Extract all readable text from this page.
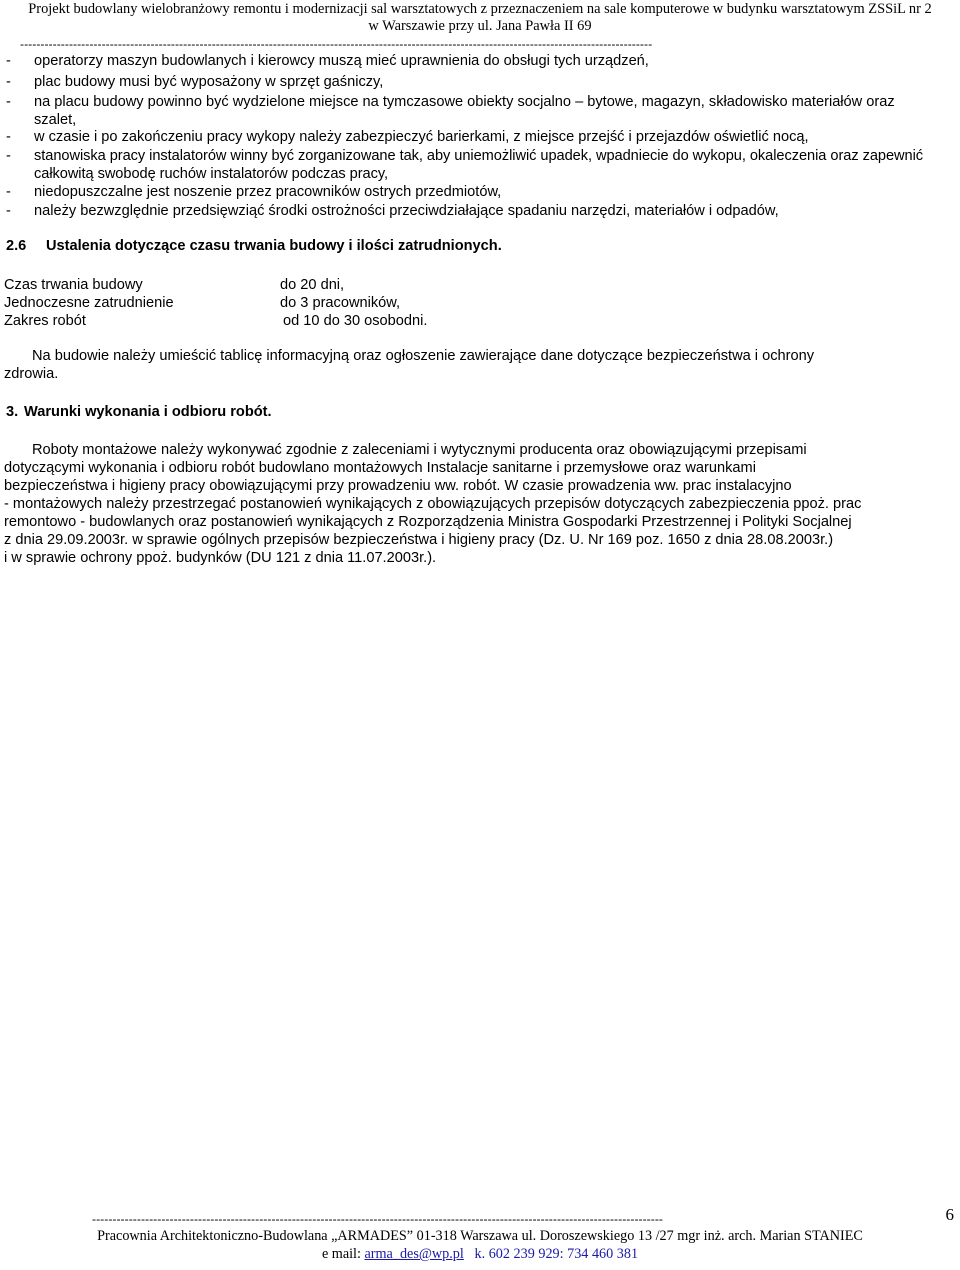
Projekt budowlany wielobranżowy remontu i modernizacji sal warsztatowych z przeznaczeniem na sale komputerowe w budynku warsztatowym ZSSiL nr 2
w Warszawie przy ul. Jana Pawła II 69
-----------------------------------------------------------------------------------------------------------------------------------------------------------
- operatorzy maszyn budowlanych i kierowcy muszą mieć uprawnienia do obsługi tych urządzeń,
- plac budowy musi być wyposażony w sprzęt gaśniczy,
- na placu budowy powinno być wydzielone miejsce na tymczasowe obiekty socjalno – bytowe, magazyn, składowisko materiałów oraz szalet,
- w czasie i po zakończeniu pracy wykopy należy zabezpieczyć barierkami, z miejsce przejść i przejazdów oświetlić nocą,
- stanowiska pracy instalatorów winny być zorganizowane tak, aby uniemożliwić upadek, wpadniecie do wykopu, okaleczenia oraz zapewnić całkowitą swobodę ruchów instalatorów podczas pracy,
- niedopuszczalne jest noszenie przez pracowników ostrych przedmiotów,
- należy bezwzględnie przedsięwziąć środki ostrożności przeciwdziałające spadaniu narzędzi, materiałów i odpadów,
2.6 Ustalenia dotyczące czasu trwania budowy i ilości zatrudnionych.
Czas trwania budowy	do 20 dni,
Jednoczesne zatrudnienie	do 3 pracowników,
Zakres robót	od 10 do 30 osobodni.
Na budowie należy umieścić tablicę informacyjną oraz ogłoszenie zawierające dane dotyczące bezpieczeństwa i ochrony
zdrowia.
3. Warunki wykonania i odbioru robót.
Roboty montażowe należy wykonywać zgodnie z zaleceniami i wytycznymi producenta oraz obowiązującymi przepisami
dotyczącymi wykonania i odbioru robót budowlano montażowych Instalacje sanitarne i przemysłowe oraz warunkami
bezpieczeństwa i higieny pracy obowiązującymi przy prowadzeniu ww. robót. W czasie prowadzenia ww. prac instalacyjno
- montażowych należy przestrzegać postanowień wynikających z obowiązujących przepisów dotyczących zabezpieczenia ppoż. prac
remontowo - budowlanych oraz postanowień wynikających z Rozporządzenia Ministra Gospodarki Przestrzennej i Polityki Socjalnej
z dnia 29.09.2003r. w sprawie ogólnych przepisów bezpieczeństwa i higieny pracy (Dz. U. Nr 169 poz. 1650 z dnia 28.08.2003r.)
i w sprawie ochrony ppoż. budynków (DU 121 z dnia 11.07.2003r.).
--------------------------------------------------------------------------------------------------------------------------------------------
Pracownia Architektoniczno-Budowlana „ARMADES” 01-318 Warszawa ul. Doroszewskiego 13 /27 mgr inż. arch. Marian STANIEC
e mail: arma_des@wp.pl k. 602 239 929: 734 460 381
6
